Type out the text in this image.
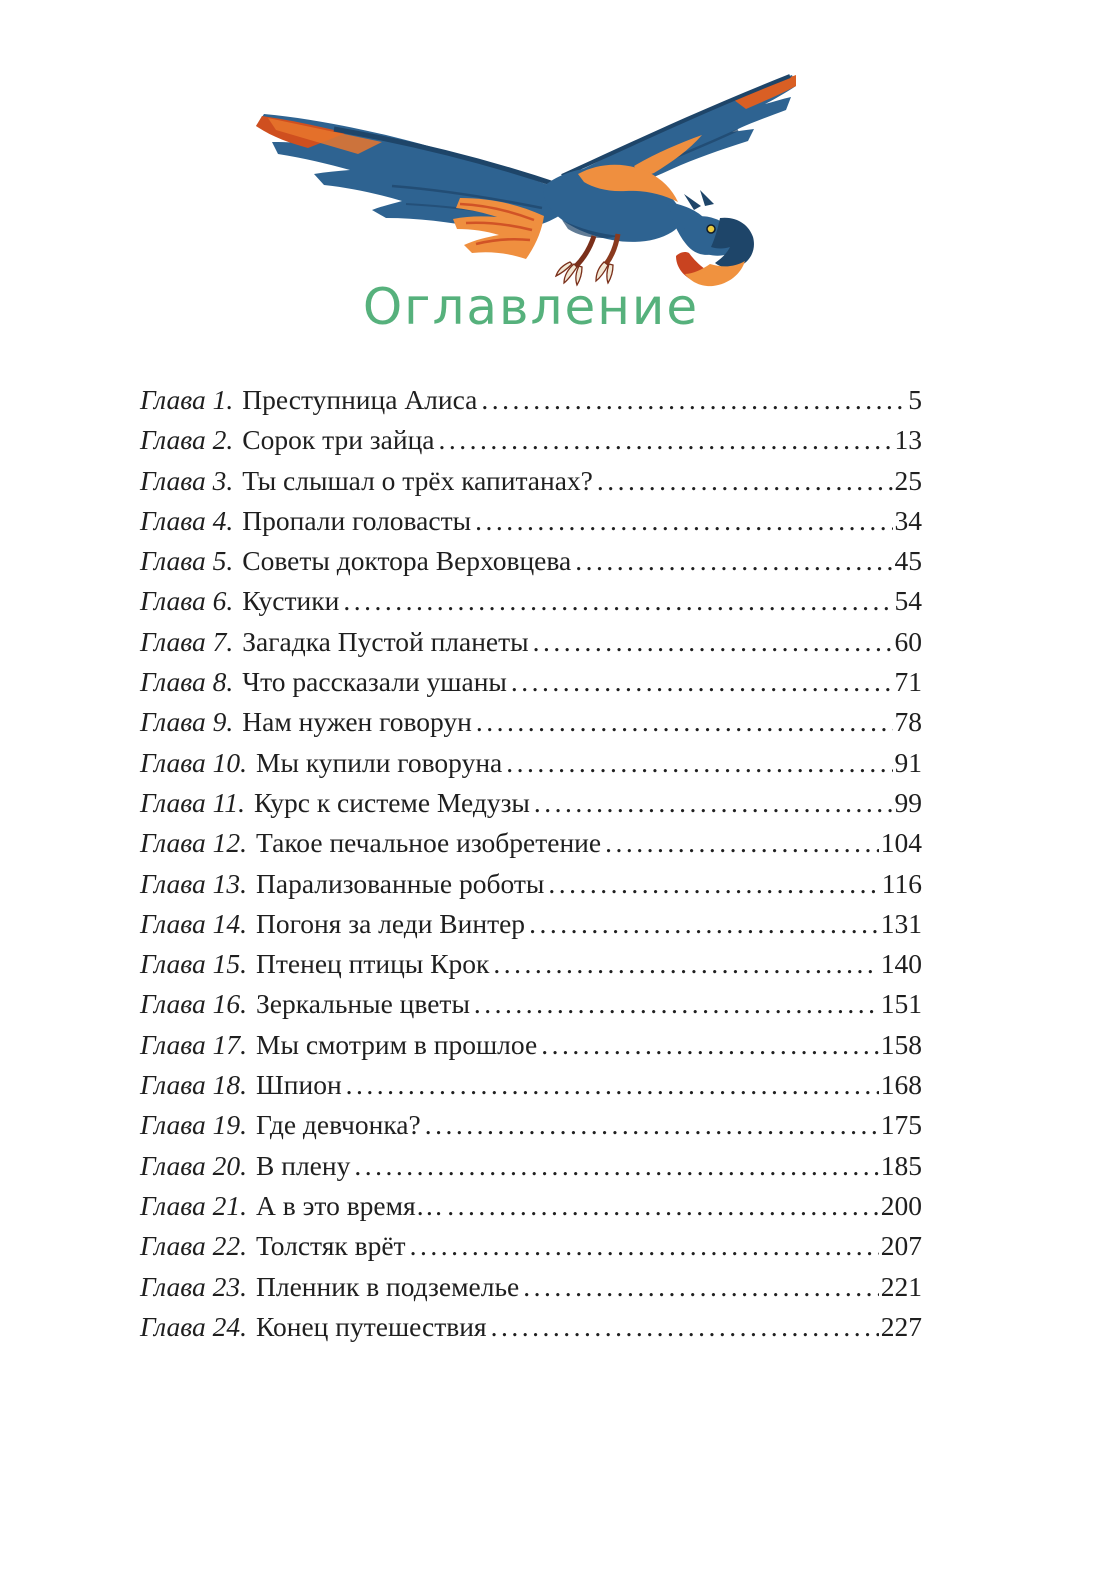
Оглавление
Глава 1. Преступница Алиса .....	5
Глава 2. Сорок три зайца .....	13
Глава 3. Ты слышал о трёх капитанах? .....	25
Глава 4. Пропали головасты .....	34
Глава 5. Советы доктора Верховцева .....	45
Глава 6. Кустики .....	54
Глава 7. Загадка Пустой планеты .....	60
Глава 8. Что рассказали ушаны .....	71
Глава 9. Нам нужен говорун .....	78
Глава 10. Мы купили говоруна .....	91
Глава 11. Курс к системе Медузы .....	99
Глава 12. Такое печальное изобретение .....	104
Глава 13. Парализованные роботы .....	116
Глава 14. Погоня за леди Винтер .....	131
Глава 15. Птенец птицы Крок .....	140
Глава 16. Зеркальные цветы .....	151
Глава 17. Мы смотрим в прошлое .....	158
Глава 18. Шпион .....	168
Глава 19. Где девчонка? .....	175
Глава 20. В плену .....	185
Глава 21. А в это время… .....	200
Глава 22. Толстяк врёт .....	207
Глава 23. Пленник в подземелье .....	221
Глава 24. Конец путешествия .....	227
